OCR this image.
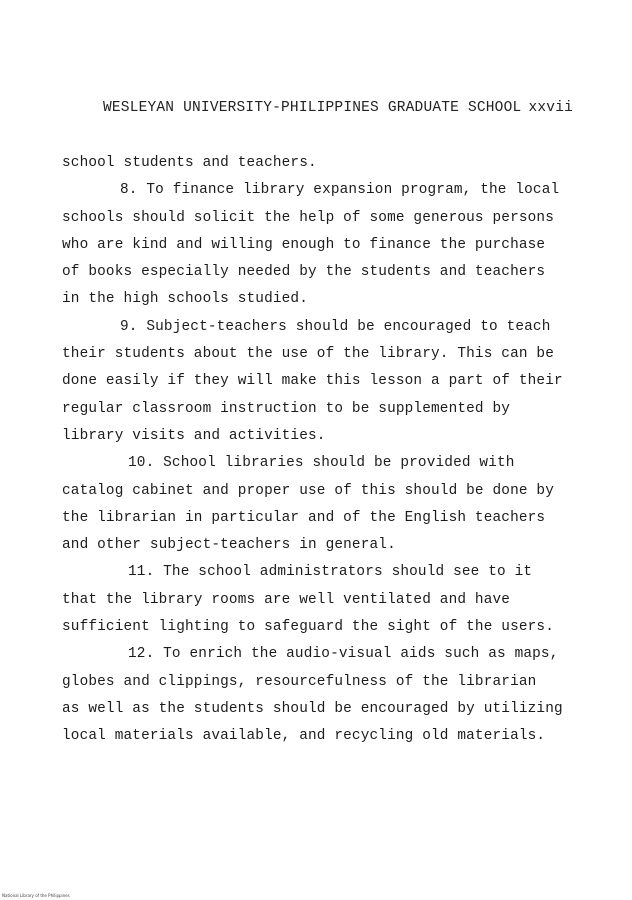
WESLEYAN UNIVERSITY-PHILIPPINES GRADUATE SCHOOL xxvii
school students and teachers.
8. To finance library expansion program, the local
schools should solicit the help of some generous persons
who are kind and willing enough to finance the purchase
of books especially needed by the students and teachers
in the high schools studied.
9. Subject-teachers should be encouraged to teach
their students about the use of the library. This can be
done easily if they will make this lesson a part of their
regular classroom instruction to be supplemented by
library visits and activities.
10. School libraries should be provided with
catalog cabinet and proper use of this should be done by
the librarian in particular and of the English teachers
and other subject-teachers in general.
11. The school administrators should see to it
that the library rooms are well ventilated and have
sufficient lighting to safeguard the sight of the users.
12. To enrich the audio-visual aids such as maps,
globes and clippings, resourcefulness of the librarian
as well as the students should be encouraged by utilizing
local materials available, and recycling old materials.
National Library of the Philippines
